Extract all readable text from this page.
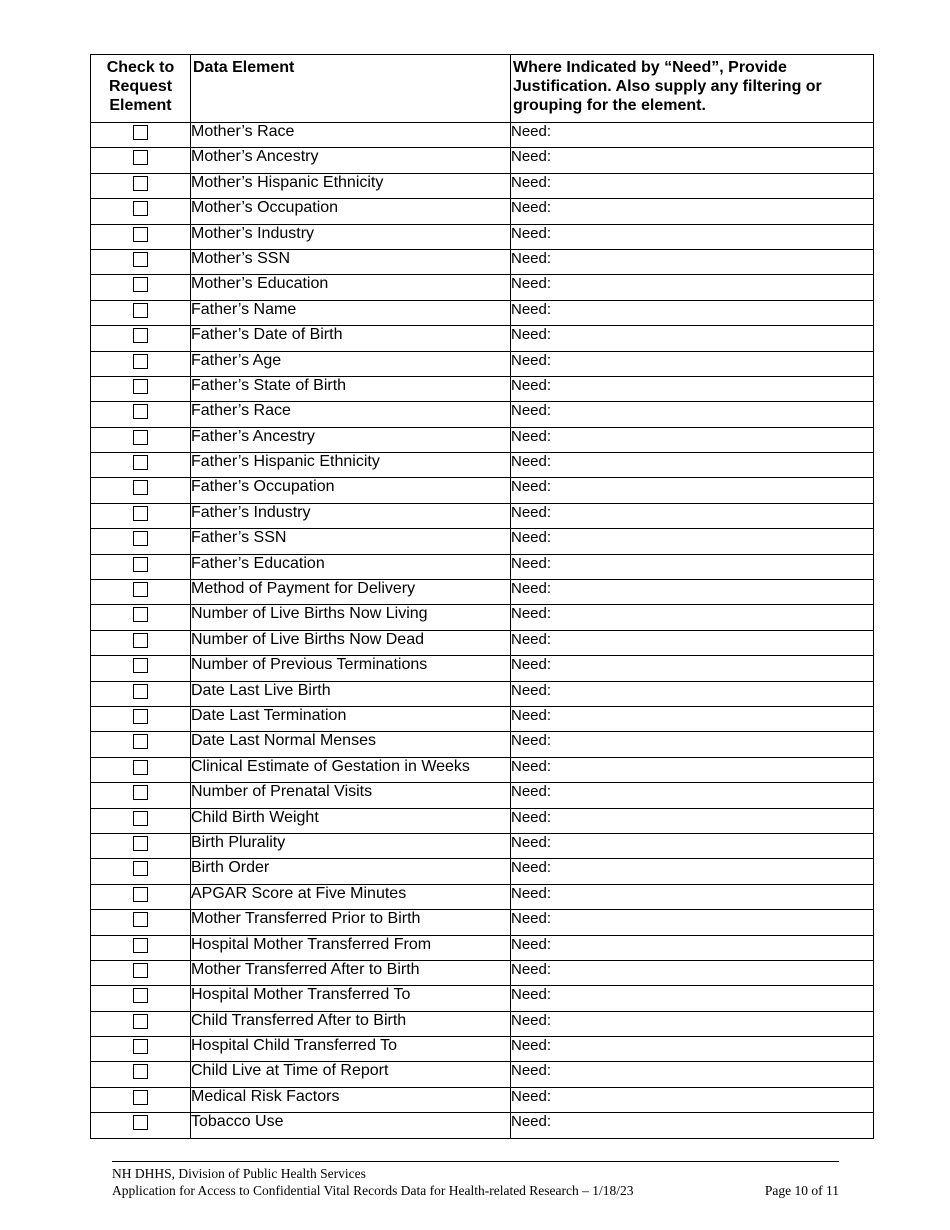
Check to Request Element	Data Element	Where Indicated by “Need”, Provide Justification. Also supply any filtering or grouping for the element.
	Mother’s Race	Need:
	Mother’s Ancestry	Need:
	Mother’s Hispanic Ethnicity	Need:
	Mother’s Occupation	Need:
	Mother’s Industry	Need:
	Mother’s SSN	Need:
	Mother’s Education	Need:
	Father’s Name	Need:
	Father’s Date of Birth	Need:
	Father’s Age	Need:
	Father’s State of Birth	Need:
	Father’s Race	Need:
	Father’s Ancestry	Need:
	Father’s Hispanic Ethnicity	Need:
	Father’s Occupation	Need:
	Father’s Industry	Need:
	Father’s SSN	Need:
	Father’s Education	Need:
	Method of Payment for Delivery	Need:
	Number of Live Births Now Living	Need:
	Number of Live Births Now Dead	Need:
	Number of Previous Terminations	Need:
	Date Last Live Birth	Need:
	Date Last Termination	Need:
	Date Last Normal Menses	Need:
	Clinical Estimate of Gestation in Weeks	Need:
	Number of Prenatal Visits	Need:
	Child Birth Weight	Need:
	Birth Plurality	Need:
	Birth Order	Need:
	APGAR Score at Five Minutes	Need:
	Mother Transferred Prior to Birth	Need:
	Hospital Mother Transferred From	Need:
	Mother Transferred After to Birth	Need:
	Hospital Mother Transferred To	Need:
	Child Transferred After to Birth	Need:
	Hospital Child Transferred To	Need:
	Child Live at Time of Report	Need:
	Medical Risk Factors	Need:
	Tobacco Use	Need:
NH DHHS, Division of Public Health Services
Application for Access to Confidential Vital Records Data for Health-related Research – 1/18/23	Page 10 of 11
